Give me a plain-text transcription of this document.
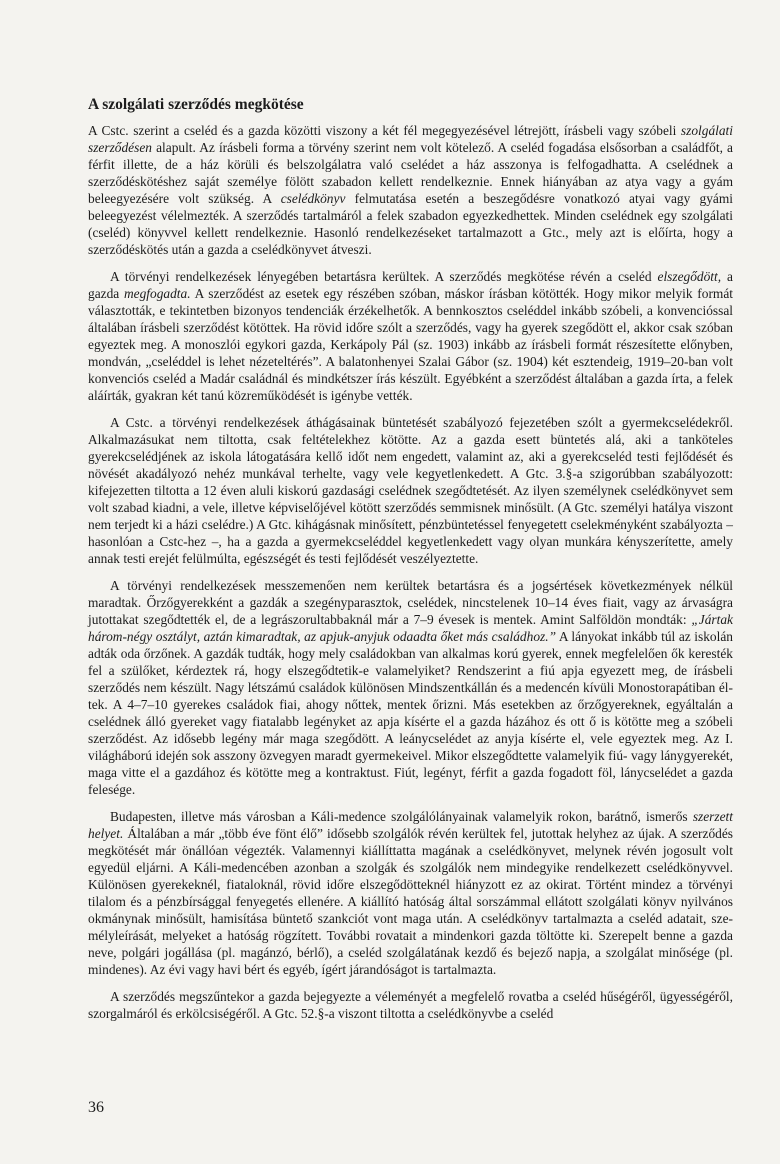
A szolgálati szerződés megkötése

A Cstc. szerint a cseléd és a gazda közötti viszony a két fél megegyezésével létrejött, írásbeli vagy szóbeli szolgálati szerződésen alapult. Az írásbeli forma a törvény szerint nem volt kötelező. A cseléd fogadása elsősorban a családfőt, a férfit illette, de a ház körüli és belszolgálatra való cselédet a ház asszonya is felfogadhatta. A cselédnek a szerződéskötéshez saját személye fölött szabadon kellett rendelkeznie. Ennek hiányában az atya vagy a gyám beleegyezésére volt szükség. A cselédkönyv felmutatása esetén a beszegődésre vonatkozó atyai vagy gyámi beleegyezést vélelmezték. A szerződés tartalmáról a felek szabadon egyezkedhettek. Minden cselédnek egy szolgálati (cseléd) könyvvel kellett rendelkeznie. Hasonló rendelkezéseket tartalmazott a Gtc., mely azt is előírta, hogy a szerződéskötés után a gazda a cselédkönyvet átveszi.

A törvényi rendelkezések lényegében betartásra kerültek. A szerződés megkötése révén a cseléd elszegődött, a gazda megfogadta. A szerződést az esetek egy részében szóban, máskor írásban kötötték. Hogy mikor melyik formát választották, e tekintetben bizonyos tendenciák érzékelhetők. A bennkosztos cseléddel inkább szóbeli, a konvencióssal általában írásbeli szerződést kötöttek. Ha rövid időre szólt a szerződés, vagy ha gyerek szegődött el, akkor csak szóban egyeztek meg. A monoszlói egykori gazda, Kerkápoly Pál (sz. 1903) inkább az írásbeli formát részesítette előnyben, mondván, „cseléddel is lehet nézeteltérés”. A balatonhenyei Szalai Gábor (sz. 1904) két esztendeig, 1919–20-ban volt konvenciós cseléd a Madár családnál és mindkétszer írás készült. Egyébként a szerződést általában a gazda írta, a felek aláírták, gyakran két tanú közreműködését is igénybe vették.

A Cstc. a törvényi rendelkezések áthágásainak büntetését szabályozó fejezetében szólt a gyermekcselédekről. Alkalmazásukat nem tiltotta, csak feltételekhez kötötte. Az a gazda esett büntetés alá, aki a tanköteles gyerekcselédjének az iskola látogatására kellő időt nem engedett, valamint az, aki a gyerekcseléd testi fejlődését és növését akadályozó nehéz munkával terhelte, vagy vele kegyetlenkedett. A Gtc. 3.§-a szigorúbban szabályozott: kifejezetten tiltotta a 12 éven aluli kiskorú gazdasági cselédnek szegődtetését. Az ilyen személynek cselédkönyvet sem volt szabad kiadni, a vele, illetve képviselőjével kötött szerződés semmisnek minősült. (A Gtc. személyi hatálya viszont nem terjedt ki a házi cselédre.) A Gtc. kihágásnak minősített, pénzbüntetéssel fenyegetett cselekményként szabályozta – hasonlóan a Cstc-hez –, ha a gazda a gyermekcseléddel kegyetlenkedett vagy olyan munkára kényszerítette, amely annak testi erejét felülmúlta, egészségét és testi fejlődését veszélyeztette.

A törvényi rendelkezések messzemenően nem kerültek betartásra és a jogsértések következmények nélkül maradtak. Őrzőgyerekként a gazdák a szegényparasztok, cselédek, nincstelenek 10–14 éves fiait, vagy az árvaságra jutottakat szegődtették el, de a legrászorultabbaknál már a 7–9 évesek is mentek. Amint Salföldön mondták: „Jártak három-négy osztályt, aztán kimaradtak, az apjuk-anyjuk odaadta őket más családhoz.” A lányokat inkább túl az iskolán adták oda őrzőnek. A gazdák tudták, hogy mely családokban van alkalmas korú gyerek, ennek megfelelően ők keresték fel a szülőket, kérdeztek rá, hogy elszegődtetik-e valamelyiket? Rendszerint a fiú apja egyezett meg, de írásbeli szerződés nem készült. Nagy létszámú családok különösen Mindszentkállán és a medencén kívüli Monostorapátiban éltek. A 4–7–10 gyerekes családok fiai, ahogy nőttek, mentek őrizni. Más esetekben az őrzőgyereknek, egyáltalán a cselédnek álló gyereket vagy fiatalabb legényket az apja kísérte el a gazda házához és ott ő is kötötte meg a szóbeli szerződést. Az idősebb legény már maga szegődött. A leánycselédet az anyja kísérte el, vele egyeztek meg. Az I. világháború idején sok asszony özvegyen maradt gyermekeivel. Mikor elszegődtette valamelyik fiú- vagy lánygyerekét, maga vitte el a gazdához és kötötte meg a kontraktust. Fiút, legényt, férfit a gazda fogadott föl, lánycselédet a gazda felesége.

Budapesten, illetve más városban a Káli-medence szolgálólányainak valamelyik rokon, barátnő, ismerős szerzett helyet. Általában a már „több éve fönt élő” idősebb szolgálók révén kerültek fel, jutottak helyhez az újak. A szerződés megkötését már önállóan végezték. Valamennyi kiállíttatta magának a cselédkönyvet, melynek révén jogosult volt egyedül eljárni. A Káli-medencében azonban a szolgák és szolgálók nem mindegyike rendelkezett cselédkönyvvel. Különösen gyerekeknél, fiataloknál, rövid időre elszegődötteknél hiányzott ez az okirat. Történt mindez a törvényi tilalom és a pénzbírsággal fenyegetés ellenére. A kiállító hatóság által sorszámmal ellátott szolgálati könyv nyilvános okmánynak minősült, hamisítása büntető szankciót vont maga után. A cselédkönyv tartalmazta a cseléd adatait, személyleírását, melyeket a hatóság rögzített. További rovatait a mindenkori gazda töltötte ki. Szerepelt benne a gazda neve, polgári jogállása (pl. magánzó, bérlő), a cseléd szolgálatának kezdő és bejező napja, a szolgálat minősége (pl. mindenes). Az évi vagy havi bért és egyéb, ígért járandóságot is tartalmazta.

A szerződés megszűntekor a gazda bejegyezte a véleményét a megfelelő rovatba a cseléd hűségéről, ügyességéről, szorgalmáról és erkölcsiségéről. A Gtc. 52.§-a viszont tiltotta a cselédkönyvbe a cseléd

36
